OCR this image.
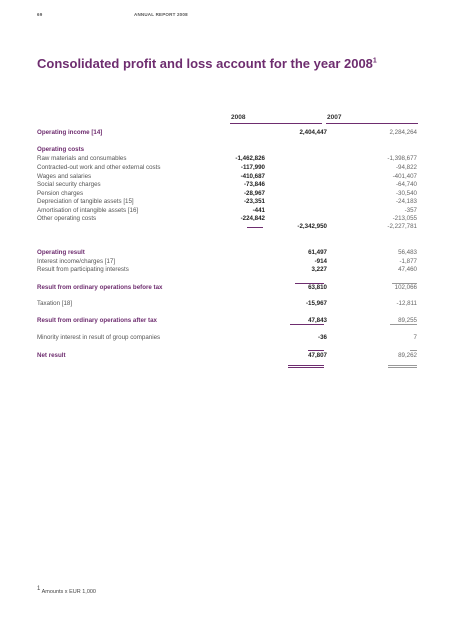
69	ANNUAL REPORT 2008
Consolidated profit and loss account for the year 2008$^1$
2008	2007
Operating income [14]	2,404,447	2,284,264
Operating costs
Raw materials and consumables	-1,462,826	-1,398,677
Contracted-out work and other external costs	-117,990	-94,822
Wages and salaries	-410,687	-401,407
Social security charges	-73,846	-64,740
Pension charges	-28,967	-30,540
Depreciation of tangible assets [15]	-23,351	-24,183
Amortisation of intangible assets [16]	-441	-357
Other operating costs	-224,842	-213,055
-2,342,950	-2,227,781
Operating result	61,497	56,483
Interest income/charges [17]	-914	-1,877
Result from participating interests	3,227	47,460
Result from ordinary operations before tax	63,810	102,066
Taxation [18]	-15,967	-12,811
Result from ordinary operations after tax	47,843	89,255
Minority interest in result of group companies	-36	7
Net result	47,807	89,262
$^1$ Amounts x EUR 1,000
